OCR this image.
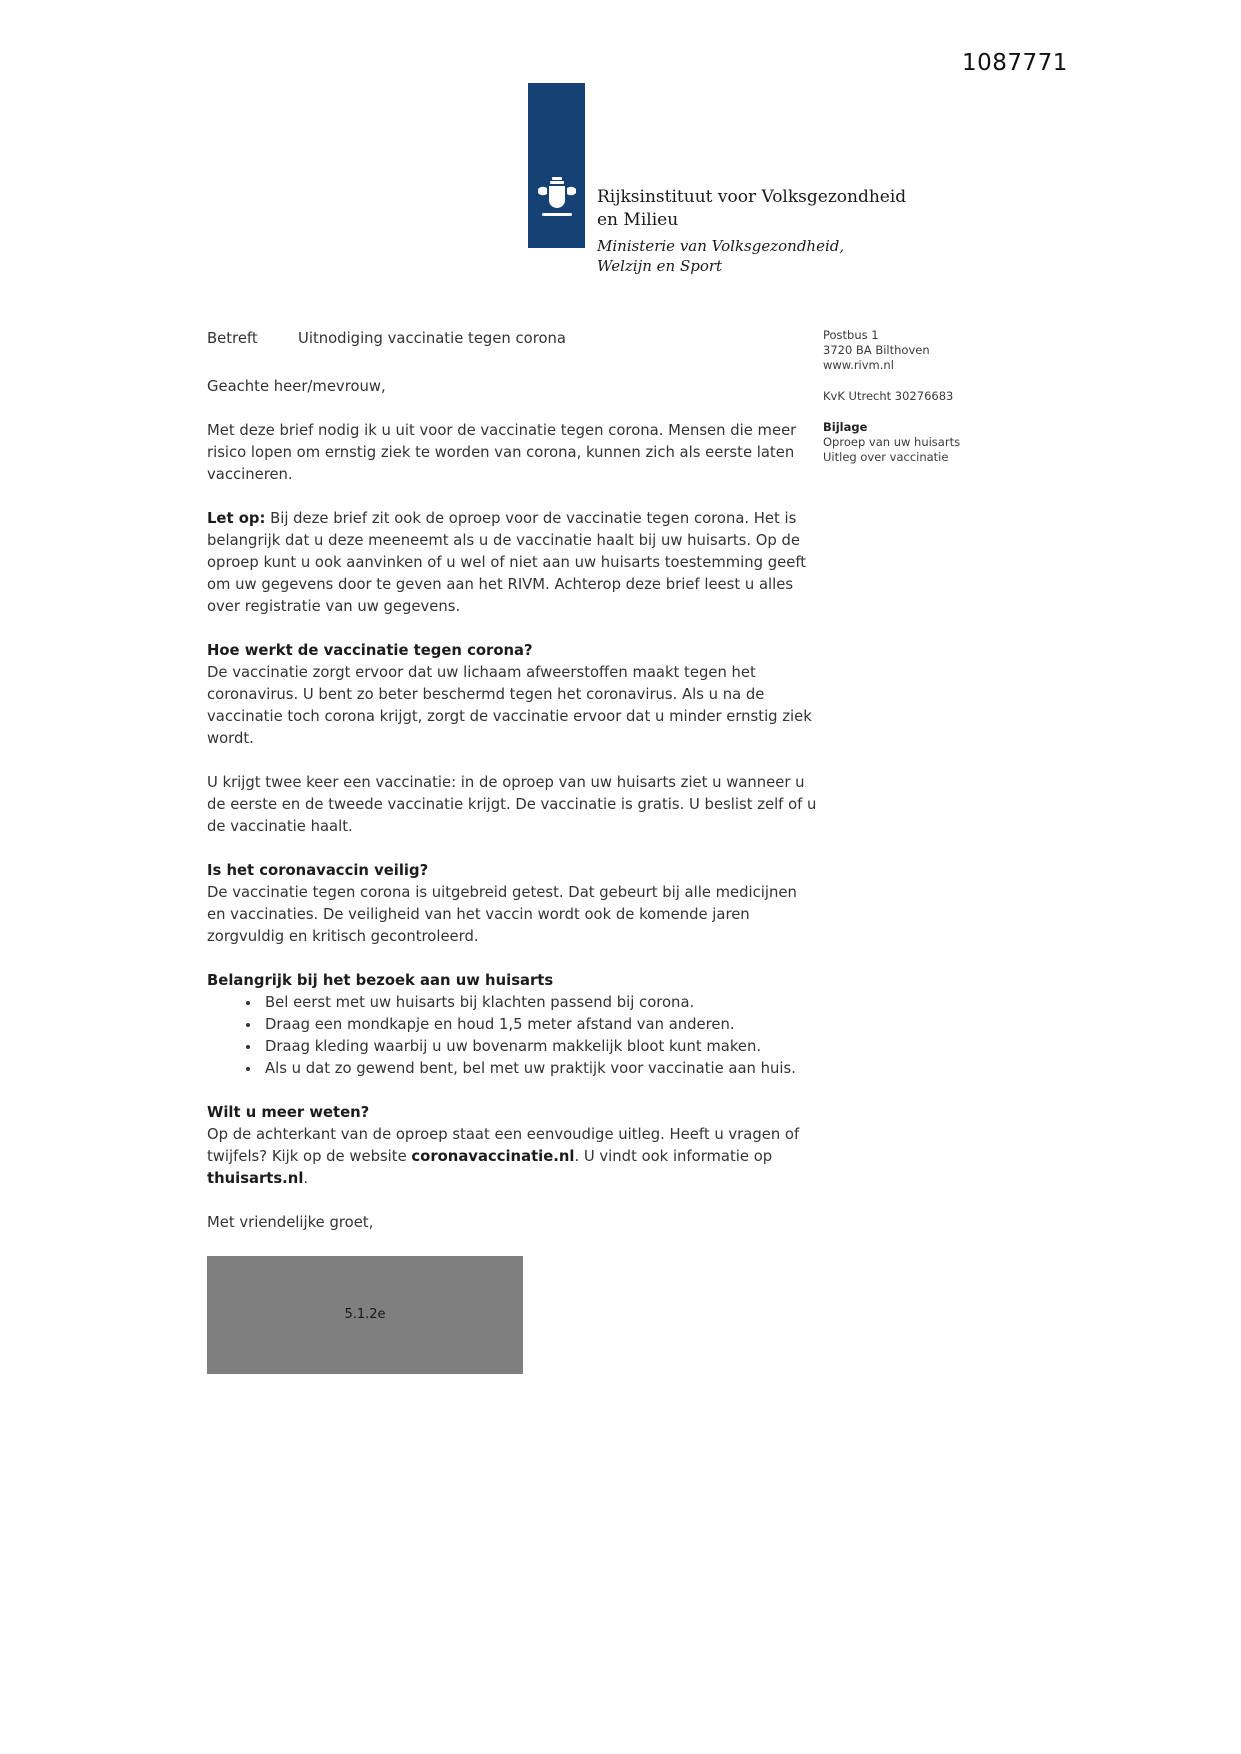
1087771
Rijksinstituut voor Volksgezondheid
en Milieu
Ministerie van Volksgezondheid,
Welzijn en Sport
Postbus 1
3720 BA Bilthoven
www.rivm.nl
KvK Utrecht 30276683
Bijlage
Oproep van uw huisarts
Uitleg over vaccinatie
Betreft	Uitnodiging vaccinatie tegen corona

Geachte heer/mevrouw,

Met deze brief nodig ik u uit voor de vaccinatie tegen corona. Mensen die meer risico lopen om ernstig ziek te worden van corona, kunnen zich als eerste laten vaccineren.

Let op: Bij deze brief zit ook de oproep voor de vaccinatie tegen corona. Het is belangrijk dat u deze meeneemt als u de vaccinatie haalt bij uw huisarts. Op de oproep kunt u ook aanvinken of u wel of niet aan uw huisarts toestemming geeft om uw gegevens door te geven aan het RIVM. Achterop deze brief leest u alles over registratie van uw gegevens.

Hoe werkt de vaccinatie tegen corona?

De vaccinatie zorgt ervoor dat uw lichaam afweerstoffen maakt tegen het coronavirus. U bent zo beter beschermd tegen het coronavirus. Als u na de vaccinatie toch corona krijgt, zorgt de vaccinatie ervoor dat u minder ernstig ziek wordt.

U krijgt twee keer een vaccinatie: in de oproep van uw huisarts ziet u wanneer u de eerste en de tweede vaccinatie krijgt. De vaccinatie is gratis. U beslist zelf of u de vaccinatie haalt.

Is het coronavaccin veilig?

De vaccinatie tegen corona is uitgebreid getest. Dat gebeurt bij alle medicijnen en vaccinaties. De veiligheid van het vaccin wordt ook de komende jaren zorgvuldig en kritisch gecontroleerd.

Belangrijk bij het bezoek aan uw huisarts
• Bel eerst met uw huisarts bij klachten passend bij corona.
• Draag een mondkapje en houd 1,5 meter afstand van anderen.
• Draag kleding waarbij u uw bovenarm makkelijk bloot kunt maken.
• Als u dat zo gewend bent, bel met uw praktijk voor vaccinatie aan huis.
Wilt u meer weten?

Op de achterkant van de oproep staat een eenvoudige uitleg. Heeft u vragen of twijfels? Kijk op de website coronavaccinatie.nl. U vindt ook informatie op thuisarts.nl.

Met vriendelijke groet,

5.1.2e
